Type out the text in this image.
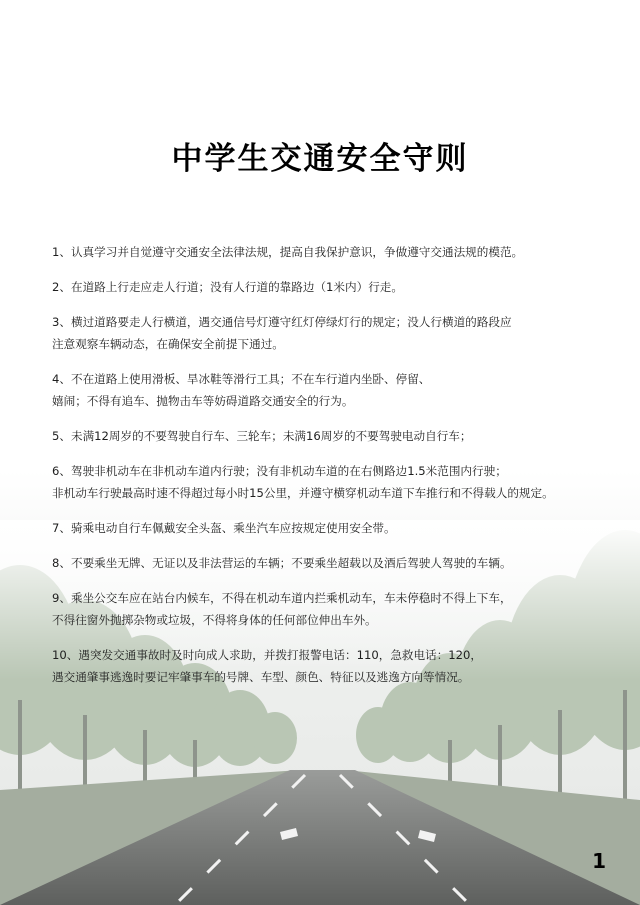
中学生交通安全守则

1、认真学习并自觉遵守交通安全法律法规，提高自我保护意识，争做遵守交通法规的模范。

2、在道路上行走应走人行道；没有人行道的靠路边（1米内）行走。

3、横过道路要走人行横道，遇交通信号灯遵守红灯停绿灯行的规定；没人行横道的路段应
注意观察车辆动态，在确保安全前提下通过。

4、不在道路上使用滑板、旱冰鞋等滑行工具；不在车行道内坐卧、停留、
嬉闹；不得有追车、抛物击车等妨碍道路交通安全的行为。

5、未满12周岁的不要驾驶自行车、三轮车；未满16周岁的不要驾驶电动自行车；

6、驾驶非机动车在非机动车道内行驶；没有非机动车道的在右侧路边1.5米范围内行驶；
非机动车行驶最高时速不得超过每小时15公里，并遵守横穿机动车道下车推行和不得载人的规定。

7、骑乘电动自行车佩戴安全头盔、乘坐汽车应按规定使用安全带。

8、不要乘坐无牌、无证以及非法营运的车辆；不要乘坐超载以及酒后驾驶人驾驶的车辆。

9、乘坐公交车应在站台内候车，不得在机动车道内拦乘机动车，车未停稳时不得上下车，
不得往窗外抛掷杂物或垃圾，不得将身体的任何部位伸出车外。

10、遇突发交通事故时及时向成人求助，并拨打报警电话：110，急救电话：120，
遇交通肇事逃逸时要记牢肇事车的号牌、车型、颜色、特征以及逃逸方向等情况。

1
